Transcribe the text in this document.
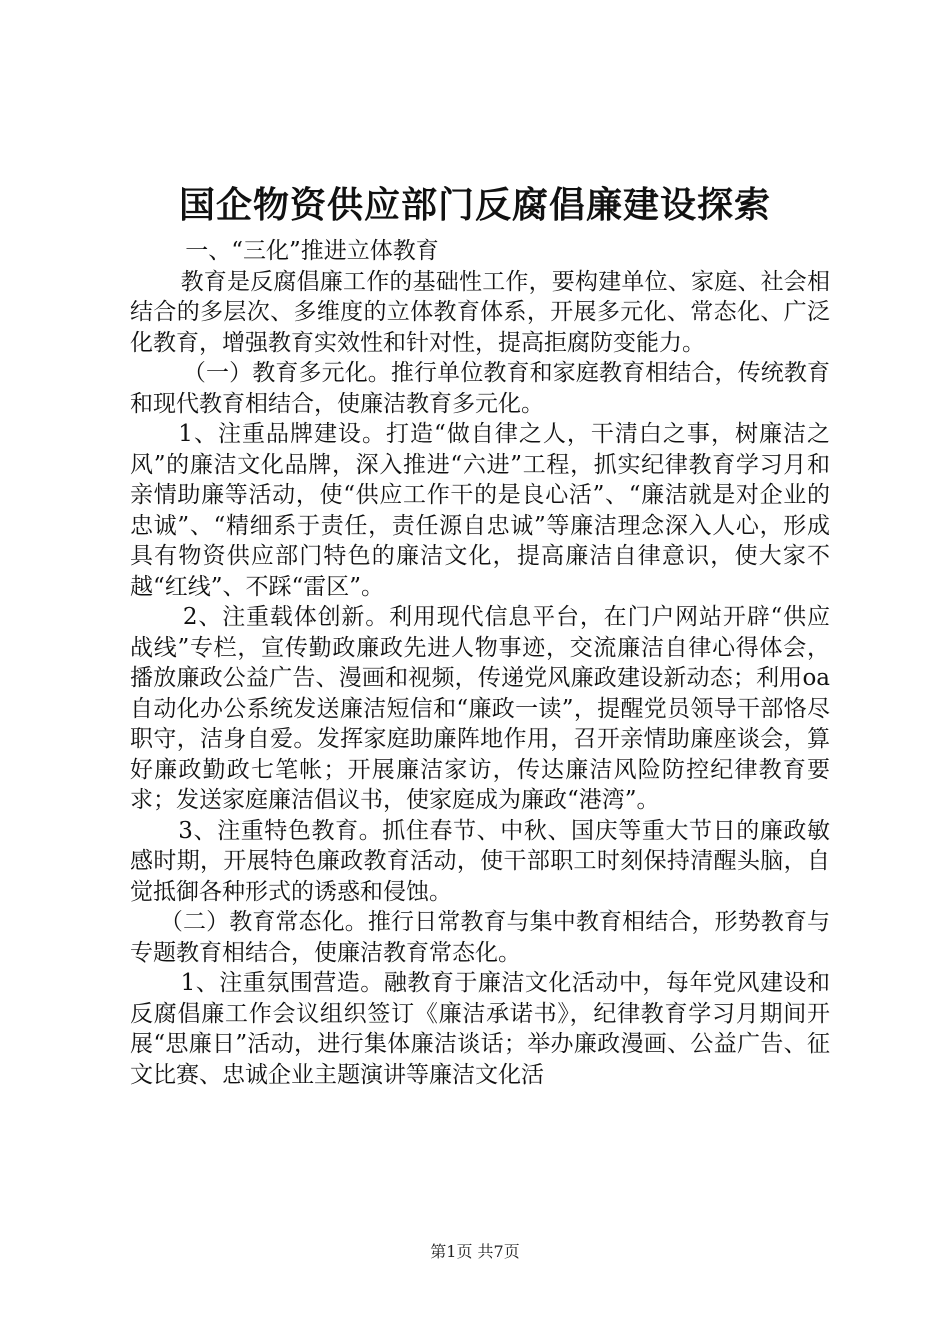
国企物资供应部门反腐倡廉建设探索

一、“三化”推进立体教育

教育是反腐倡廉工作的基础性工作，要构建单位、家庭、社会相结合的多层次、多维度的立体教育体系，开展多元化、常态化、广泛化教育，增强教育实效性和针对性，提高拒腐防变能力。

（一）教育多元化。推行单位教育和家庭教育相结合，传统教育和现代教育相结合，使廉洁教育多元化。

1、注重品牌建设。打造“做自律之人，干清白之事，树廉洁之风”的廉洁文化品牌，深入推进“六进”工程，抓实纪律教育学习月和亲情助廉等活动，使“供应工作干的是良心活”、“廉洁就是对企业的忠诚”、“精细系于责任，责任源自忠诚”等廉洁理念深入人心，形成具有物资供应部门特色的廉洁文化，提高廉洁自律意识，使大家不越“红线”、不踩“雷区”。

2、注重载体创新。利用现代信息平台，在门户网站开辟“供应战线”专栏，宣传勤政廉政先进人物事迹，交流廉洁自律心得体会，播放廉政公益广告、漫画和视频，传递党风廉政建设新动态；利用oa自动化办公系统发送廉洁短信和“廉政一读”，提醒党员领导干部恪尽职守，洁身自爱。发挥家庭助廉阵地作用，召开亲情助廉座谈会，算好廉政勤政七笔帐；开展廉洁家访，传达廉洁风险防控纪律教育要求；发送家庭廉洁倡议书，使家庭成为廉政“港湾”。

3、注重特色教育。抓住春节、中秋、国庆等重大节日的廉政敏感时期，开展特色廉政教育活动，使干部职工时刻保持清醒头脑，自觉抵御各种形式的诱惑和侵蚀。

（二）教育常态化。推行日常教育与集中教育相结合，形势教育与专题教育相结合，使廉洁教育常态化。

1、注重氛围营造。融教育于廉洁文化活动中，每年党风建设和反腐倡廉工作会议组织签订《廉洁承诺书》，纪律教育学习月期间开展“思廉日”活动，进行集体廉洁谈话；举办廉政漫画、公益广告、征文比赛、忠诚企业主题演讲等廉洁文化活

第1页 共7页
